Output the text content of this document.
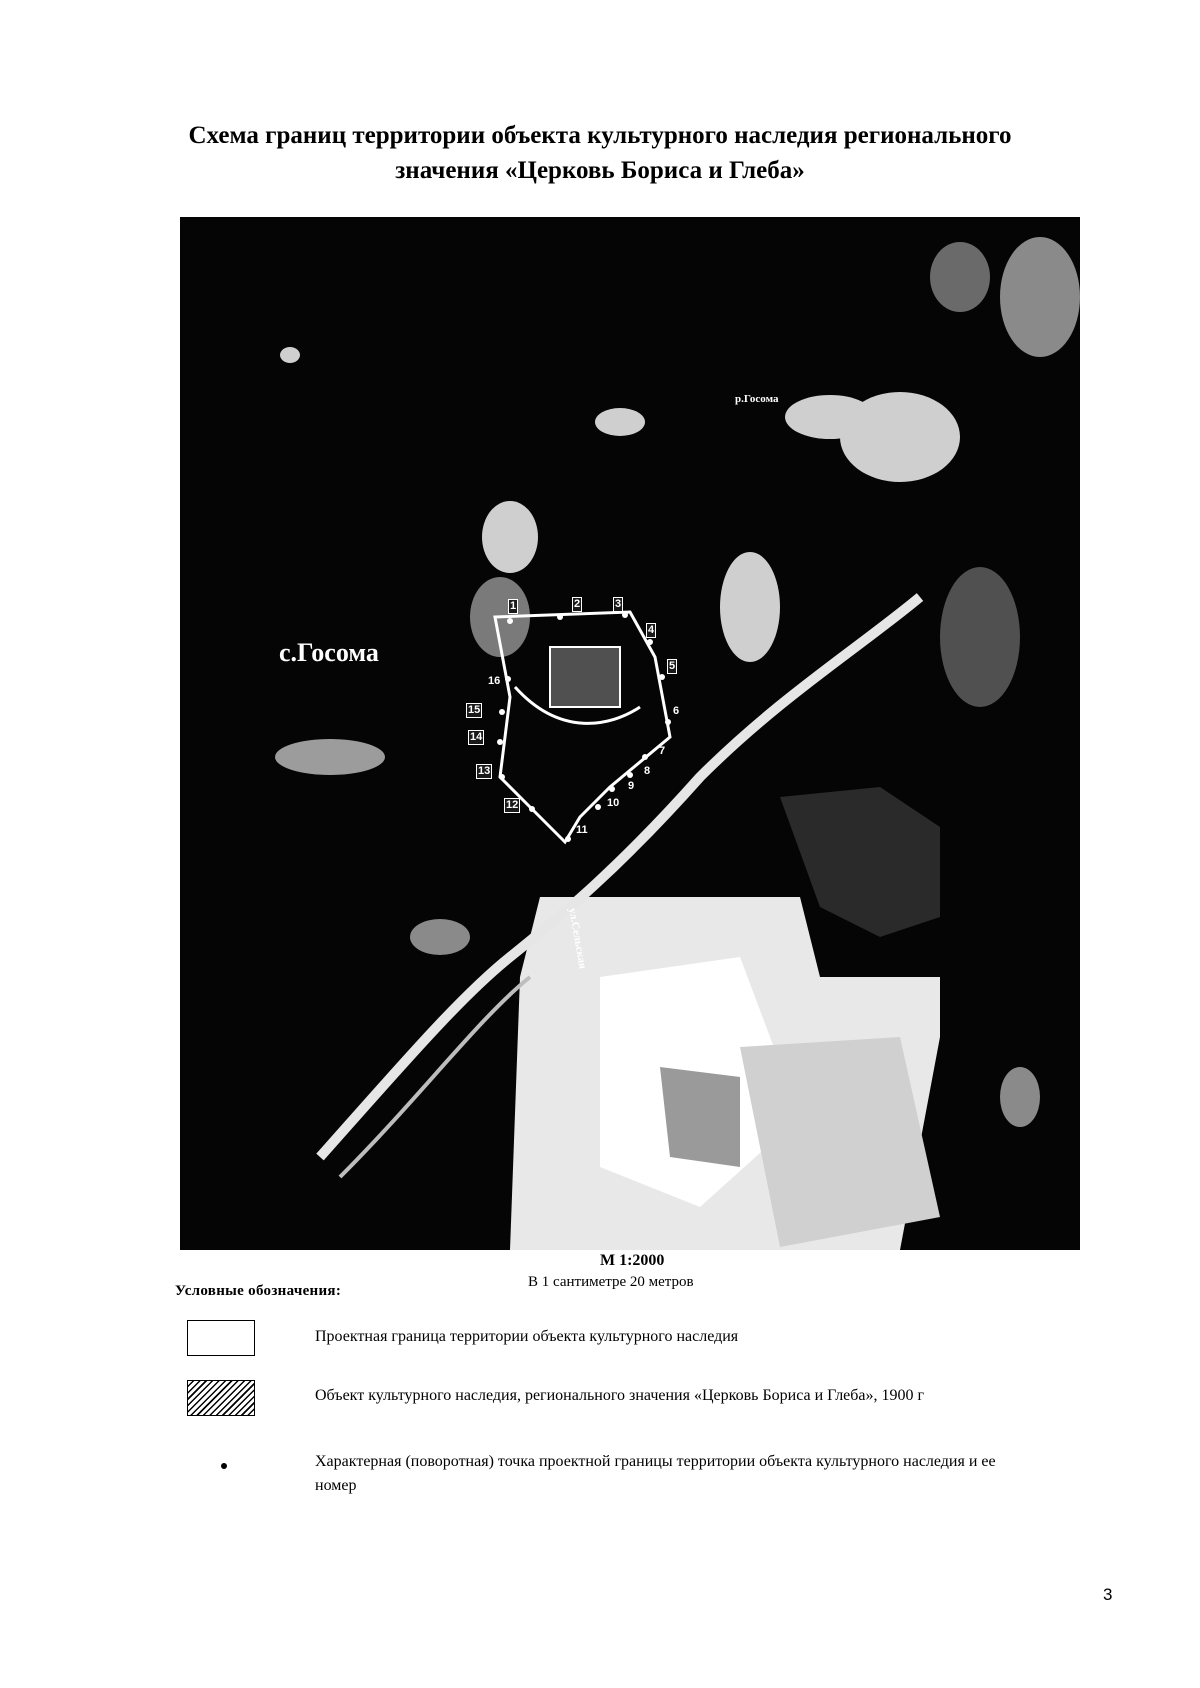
Схема границ территории объекта культурного наследия регионального
значения «Церковь Бориса и Глеба»
с.Госома
р.Госома
ул.Сельская
1	2	3
4
5
6
7
8
9
10
11
12
13
14
15
16
М 1:2000
В 1 сантиметре 20 метров
Условные обозначения:
Проектная граница территории объекта культурного наследия
Объект культурного наследия, регионального значения «Церковь Бориса и Глеба», 1900 г
Характерная (поворотная) точка проектной границы территории объекта культурного наследия и ее номер
3
